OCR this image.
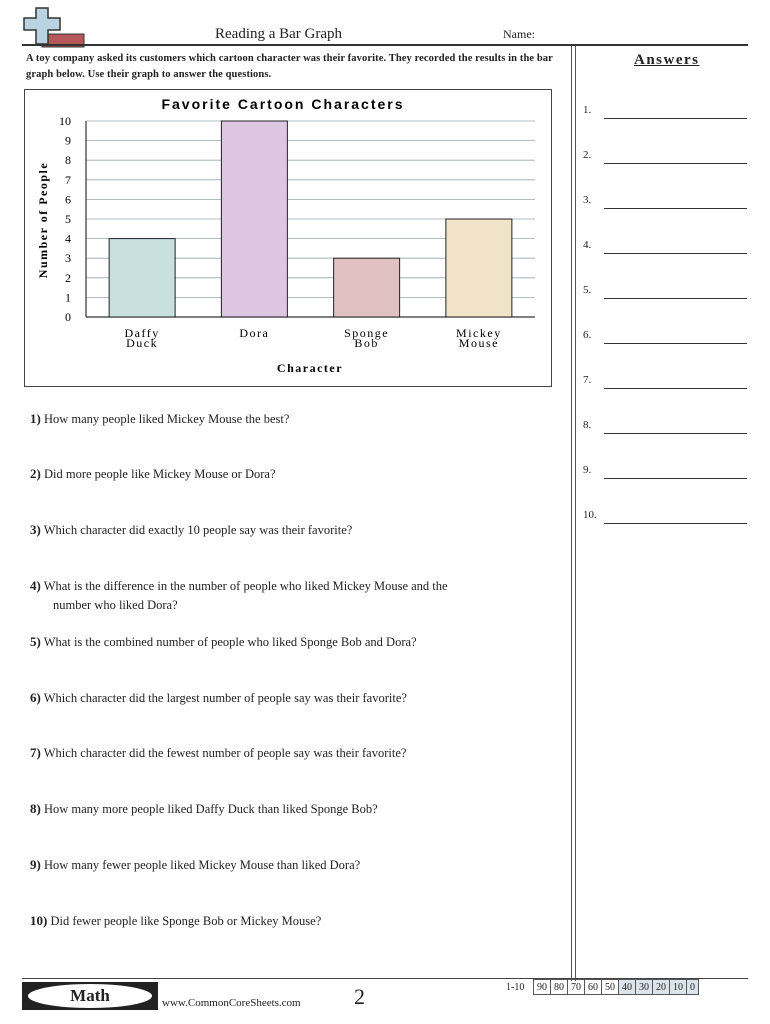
Reading a Bar Graph	Name:
A toy company asked its customers which cartoon character was their favorite. They recorded the results in the bar graph below. Use their graph to answer the questions.
Favorite Cartoon Characters
0
1
2
3
4
5
6
7
8
9
10
Daffy
Duck
Dora	Sponge
Bob
Mickey
Mouse
Number of People
Character
1) How many people liked Mickey Mouse the best?
2) Did more people like Mickey Mouse or Dora?
3) Which character did exactly 10 people say was their favorite?
4) What is the difference in the number of people who liked Mickey Mouse and the
number who liked Dora?
5) What is the combined number of people who liked Sponge Bob and Dora?
6) Which character did the largest number of people say was their favorite?
7) Which character did the fewest number of people say was their favorite?
8) How many more people liked Daffy Duck than liked Sponge Bob?
9) How many fewer people liked Mickey Mouse than liked Dora?
10) Did fewer people like Sponge Bob or Mickey Mouse?
Answers
1.
2.
3.
4.
5.
6.
7.
8.
9.
10.
Math	www.CommonCoreSheets.com 2	1-10 90	80	70	60	50	40	30	20	10	0
